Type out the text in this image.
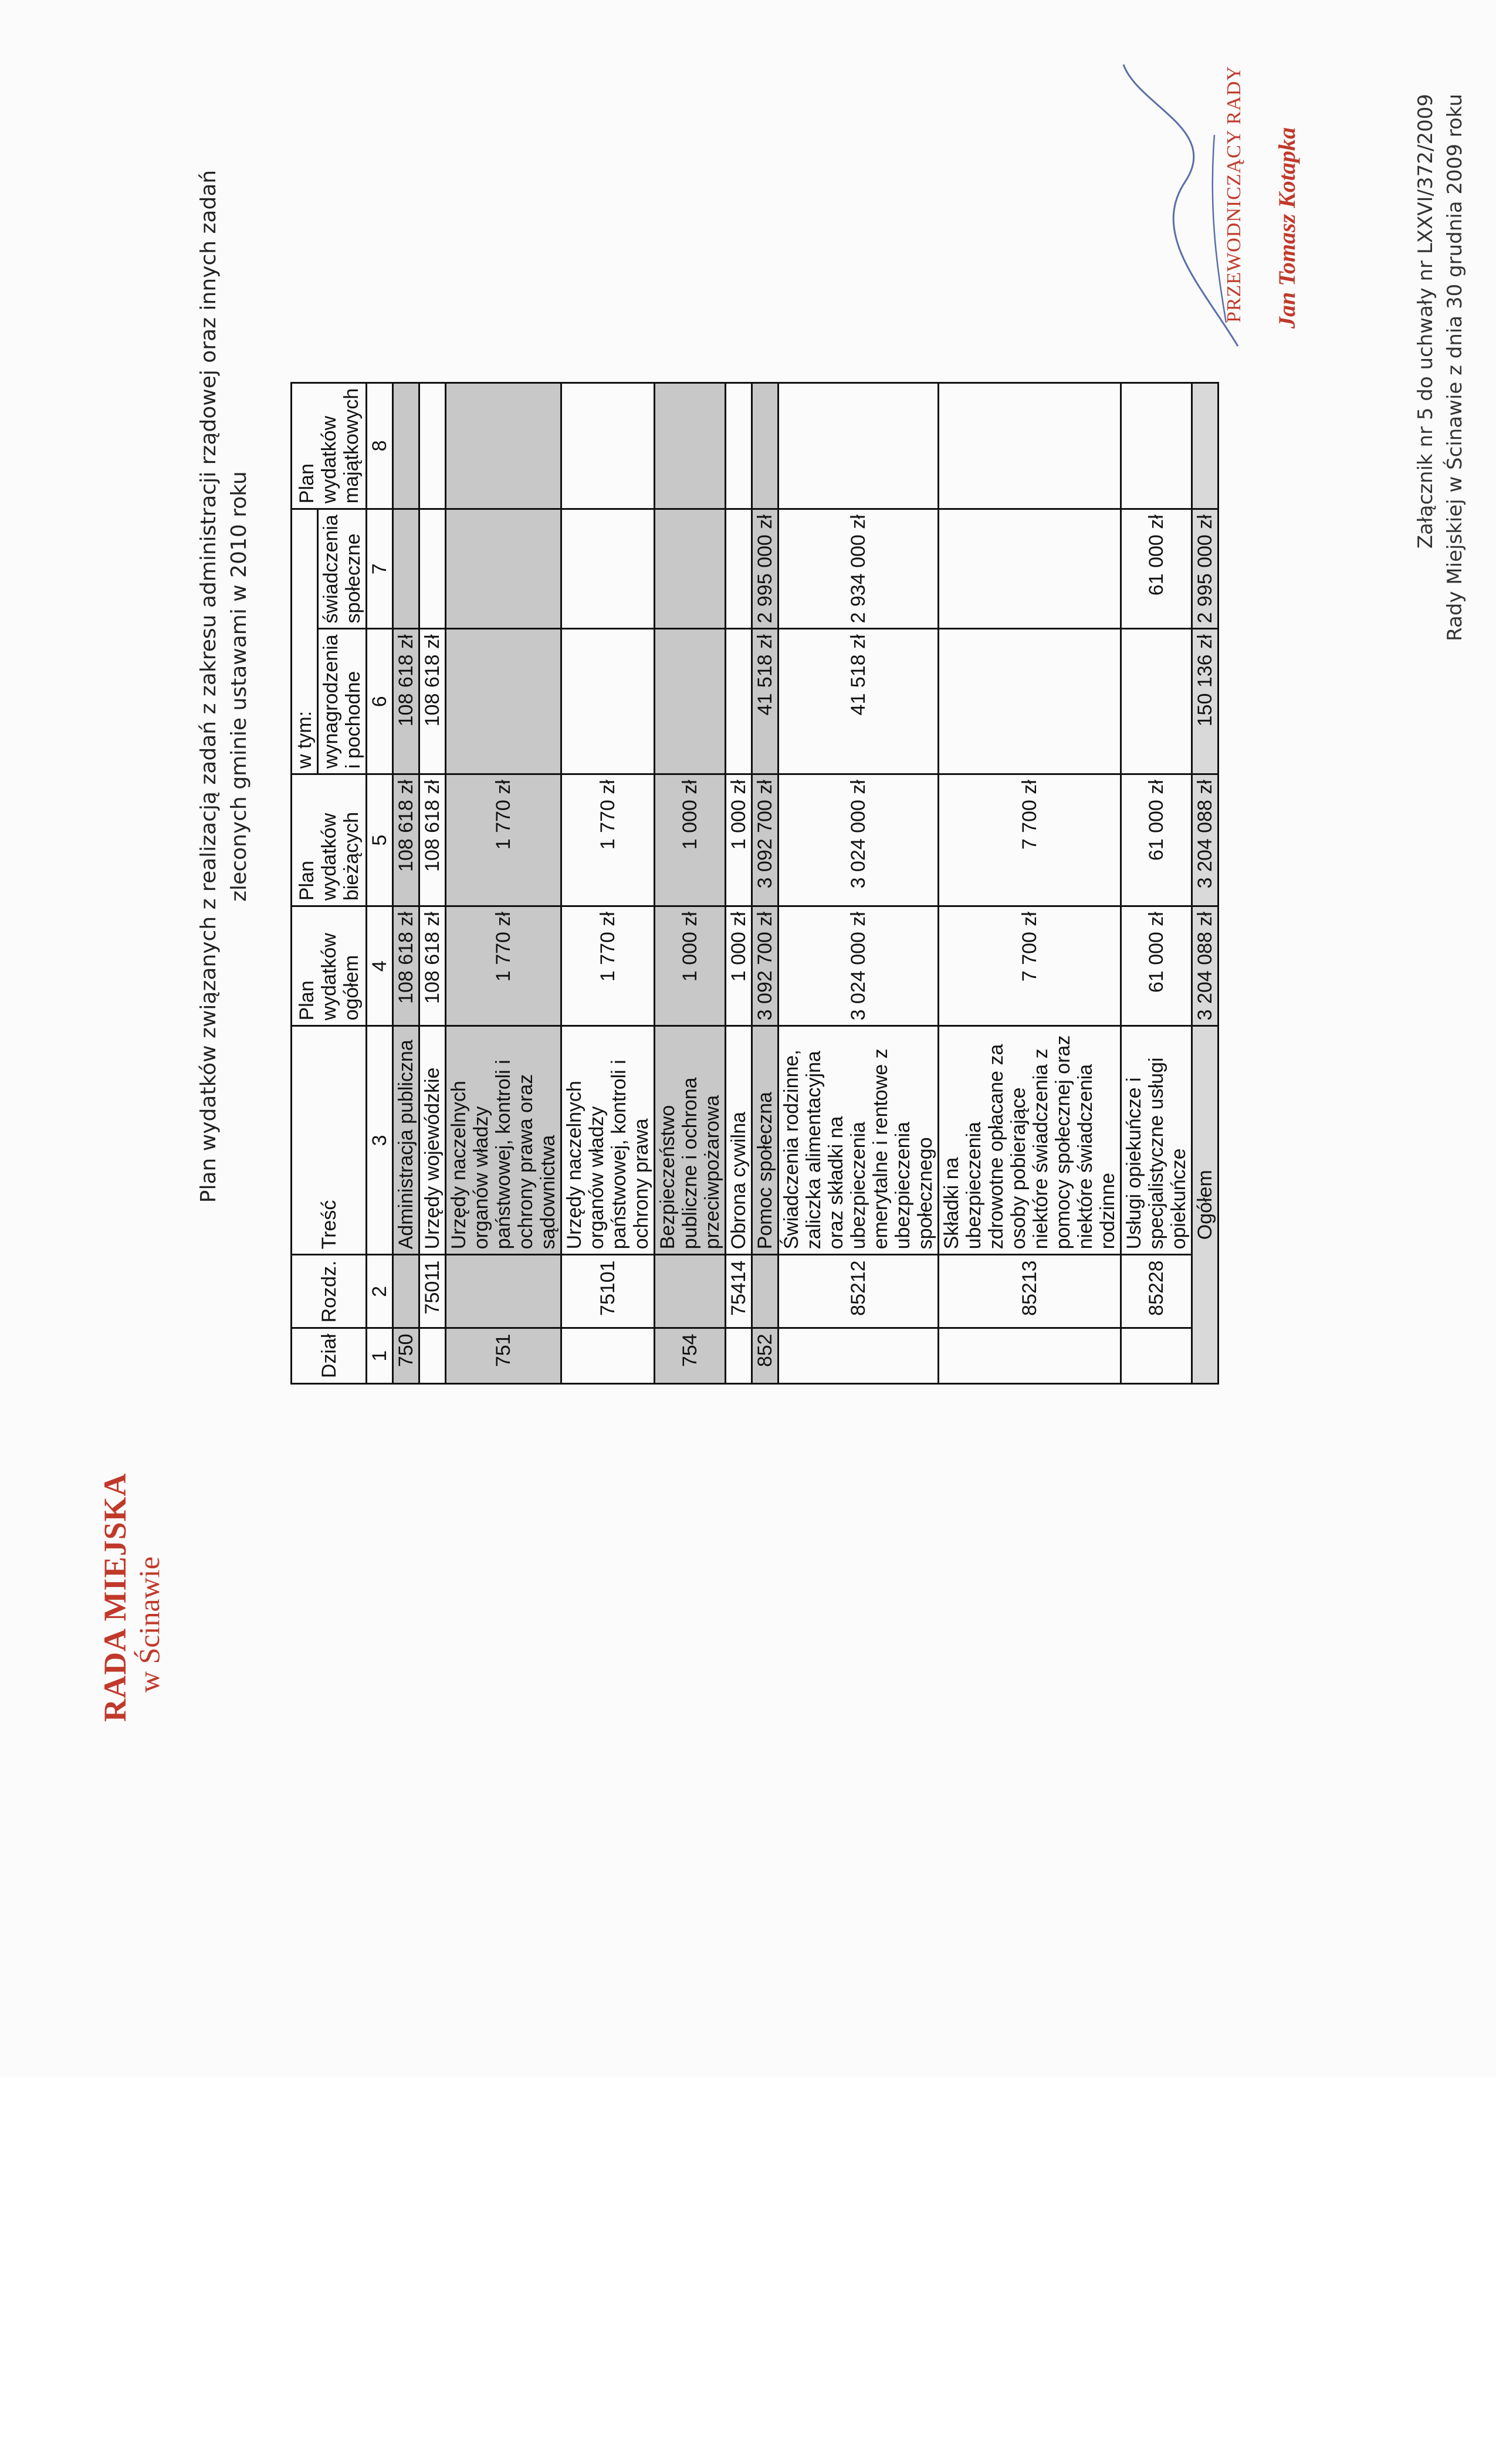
Załącznik nr 5 do uchwały nr LXXVI/372/2009 Rady Miejskiej w Ścinawie z dnia 30 grudnia 2009 roku
RADA MIEJSKA w Ścinawie
Plan wydatków związanych z realizacją zadań z zakresu administracji rządowej oraz innych zadań zleconych gminie ustawami w 2010 roku
Dział	Rozdz.	Treść	Plan wydatków ogółem	Plan wydatków bieżących	w tym:		Plan wydatków majątkowych
					wynagrodzenia i pochodne	świadczenia społeczne	
1	2	3	4	5	6	7	8
750		Administracja publiczna	108 618 zł	108 618 zł	108 618 zł		
	75011	Urzędy wojewódzkie	108 618 zł	108 618 zł	108 618 zł		
751		Urzędy naczelnych organów władzy państwowej, kontroli i ochrony prawa oraz sądownictwa	1 770 zł	1 770 zł			
	75101	Urzędy naczelnych organów władzy państwowej, kontroli i ochrony prawa	1 770 zł	1 770 zł			
754		Bezpieczeństwo publiczne i ochrona przeciwpożarowa	1 000 zł	1 000 zł			
	75414	Obrona cywilna	1 000 zł	1 000 zł			
852		Pomoc społeczna	3 092 700 zł	3 092 700 zł	41 518 zł	2 995 000 zł	
	85212	Świadczenia rodzinne, zaliczka alimentacyjna oraz składki na ubezpieczenia emerytalne i rentowe z ubezpieczenia społecznego	3 024 000 zł	3 024 000 zł	41 518 zł	2 934 000 zł	
	85213	Składki na ubezpieczenia zdrowotne opłacane za osoby pobierające niektóre świadczenia z pomocy społecznej oraz niektóre świadczenia rodzinne	7 700 zł	7 700 zł			
	85228	Usługi opiekuńcze i specjalistyczne usługi opiekuńcze	61 000 zł	61 000 zł		61 000 zł	
Ogółem			3 204 088 zł	3 204 088 zł	150 136 zł	2 995 000 zł	
PRZEWODNICZĄCY RADY Jan Tomasz Kotapka
